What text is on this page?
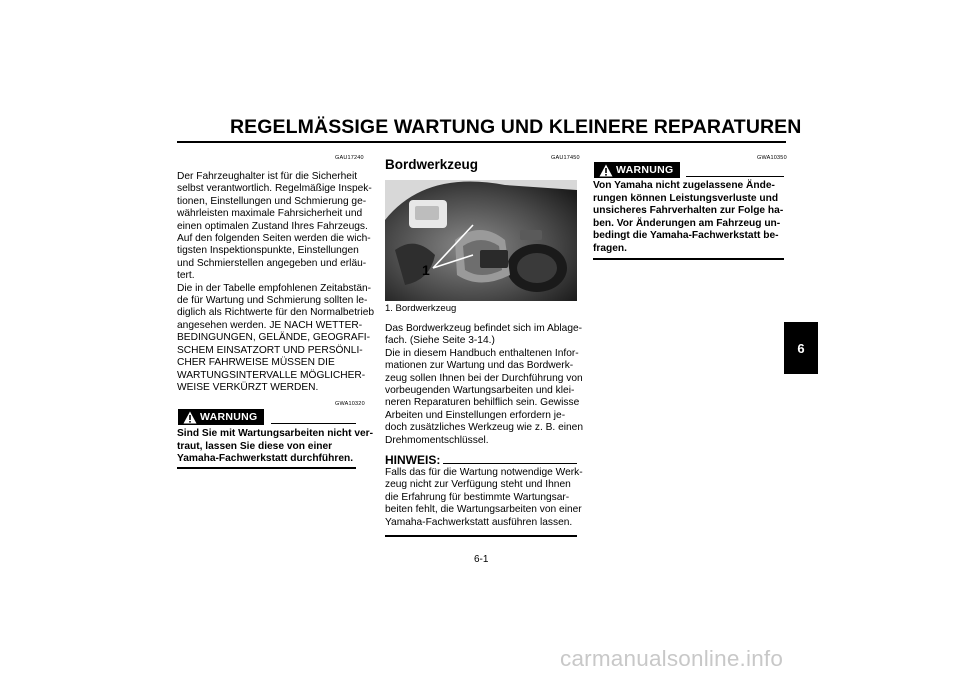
REGELMÄSSIGE WARTUNG UND KLEINERE REPARATUREN
GAU17240

Der Fahrzeughalter ist für die Sicherheit

selbst verantwortlich. Regelmäßige Inspek-

tionen, Einstellungen und Schmierung ge-

währleisten maximale Fahrsicherheit und

einen optimalen Zustand Ihres Fahrzeugs.

Auf den folgenden Seiten werden die wich-

tigsten Inspektionspunkte, Einstellungen

und Schmierstellen angegeben und erläu-

tert.

Die in der Tabelle empfohlenen Zeitabstän-

de für Wartung und Schmierung sollten le-

diglich als Richtwerte für den Normalbetrieb

angesehen werden. JE NACH WETTER-

BEDINGUNGEN, GELÄNDE, GEOGRAFI-

SCHEM EINSATZORT UND PERSÖNLI-

CHER FAHRWEISE MÜSSEN DIE

WARTUNGSINTERVALLE MÖGLICHER-

WEISE VERKÜRZT WERDEN.

GWA10320
WARNUNG

Sind Sie mit Wartungsarbeiten nicht ver-

traut, lassen Sie diese von einer

Yamaha-Fachwerkstatt durchführen.

GAU17450
Bordwerkzeug
1
1. Bordwerkzeug

Das Bordwerkzeug befindet sich im Ablage-

fach. (Siehe Seite 3-14.)

Die in diesem Handbuch enthaltenen Infor-

mationen zur Wartung und das Bordwerk-

zeug sollen Ihnen bei der Durchführung von

vorbeugenden Wartungsarbeiten und klei-

neren Reparaturen behilflich sein. Gewisse

Arbeiten und Einstellungen erfordern je-

doch zusätzliches Werkzeug wie z. B. einen

Drehmomentschlüssel.

HINWEIS:

Falls das für die Wartung notwendige Werk-

zeug nicht zur Verfügung steht und Ihnen

die Erfahrung für bestimmte Wartungsar-

beiten fehlt, die Wartungsarbeiten von einer

Yamaha-Fachwerkstatt ausführen lassen.

GWA10350
WARNUNG

Von Yamaha nicht zugelassene Ände-

rungen können Leistungsverluste und

unsicheres Fahrverhalten zur Folge ha-

ben. Vor Änderungen am Fahrzeug un-

bedingt die Yamaha-Fachwerkstatt be-

fragen.

6
6-1
carmanualsonline.info
